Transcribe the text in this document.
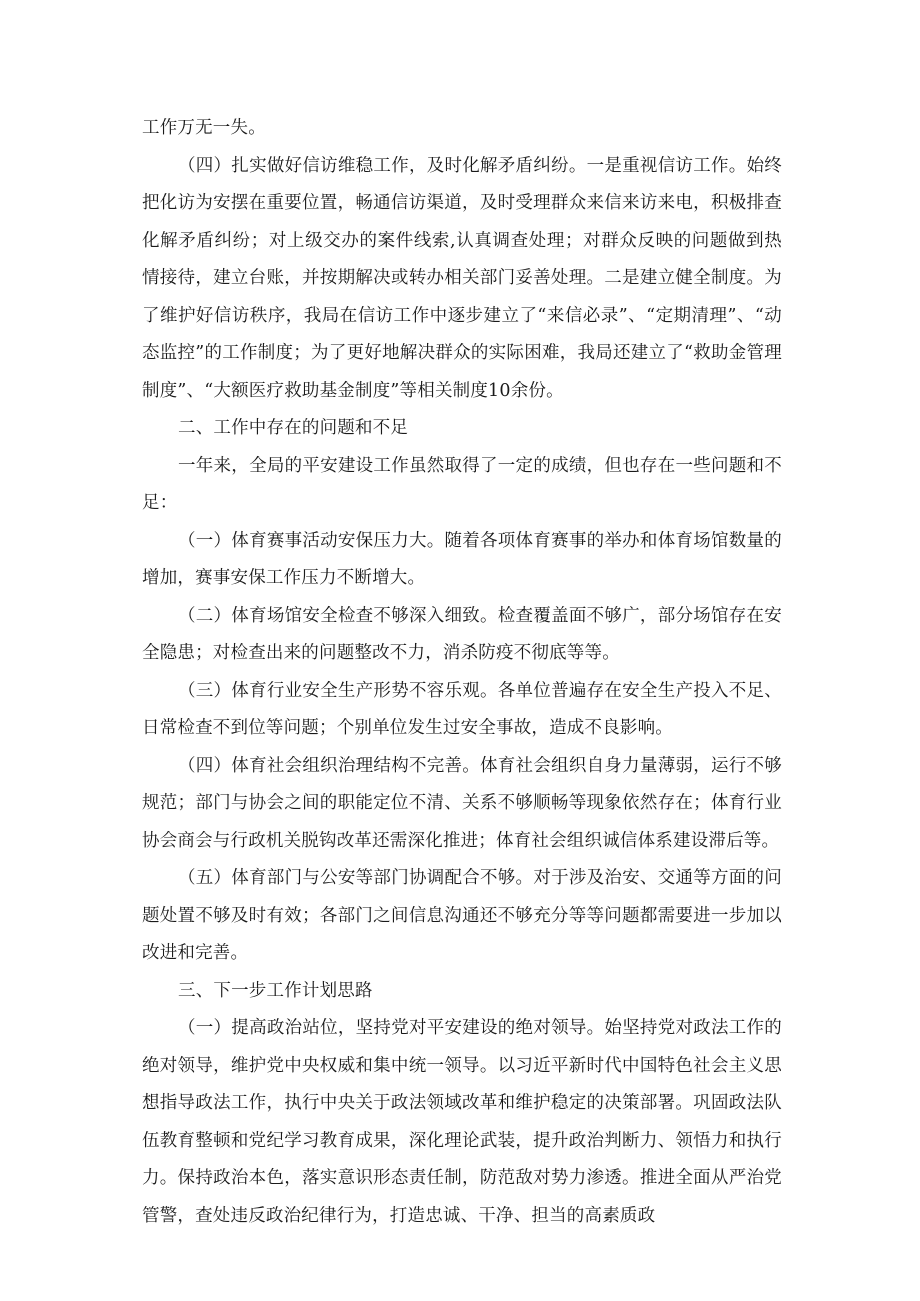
工作万无一失。

（四）扎实做好信访维稳工作，及时化解矛盾纠纷。一是重视信访工作。始终把化访为安摆在重要位置，畅通信访渠道，及时受理群众来信来访来电，积极排查化解矛盾纠纷；对上级交办的案件线索,认真调查处理；对群众反映的问题做到热情接待，建立台账，并按期解决或转办相关部门妥善处理。二是建立健全制度。为了维护好信访秩序，我局在信访工作中逐步建立了“来信必录”、“定期清理”、“动态监控”的工作制度；为了更好地解决群众的实际困难，我局还建立了“救助金管理制度”、“大额医疗救助基金制度”等相关制度10余份。

二、工作中存在的问题和不足

一年来，全局的平安建设工作虽然取得了一定的成绩，但也存在一些问题和不足：

（一）体育赛事活动安保压力大。随着各项体育赛事的举办和体育场馆数量的增加，赛事安保工作压力不断增大。

（二）体育场馆安全检查不够深入细致。检查覆盖面不够广，部分场馆存在安全隐患；对检查出来的问题整改不力，消杀防疫不彻底等等。

（三）体育行业安全生产形势不容乐观。各单位普遍存在安全生产投入不足、日常检查不到位等问题；个别单位发生过安全事故，造成不良影响。

（四）体育社会组织治理结构不完善。体育社会组织自身力量薄弱，运行不够规范；部门与协会之间的职能定位不清、关系不够顺畅等现象依然存在；体育行业协会商会与行政机关脱钩改革还需深化推进；体育社会组织诚信体系建设滞后等。

（五）体育部门与公安等部门协调配合不够。对于涉及治安、交通等方面的问题处置不够及时有效；各部门之间信息沟通还不够充分等等问题都需要进一步加以改进和完善。

三、下一步工作计划思路

（一）提高政治站位，坚持党对平安建设的绝对领导。始坚持党对政法工作的绝对领导，维护党中央权威和集中统一领导。以习近平新时代中国特色社会主义思想指导政法工作，执行中央关于政法领域改革和维护稳定的决策部署。巩固政法队伍教育整顿和党纪学习教育成果，深化理论武装，提升政治判断力、领悟力和执行力。保持政治本色，落实意识形态责任制，防范敌对势力渗透。推进全面从严治党管警，查处违反政治纪律行为，打造忠诚、干净、担当的高素质政
